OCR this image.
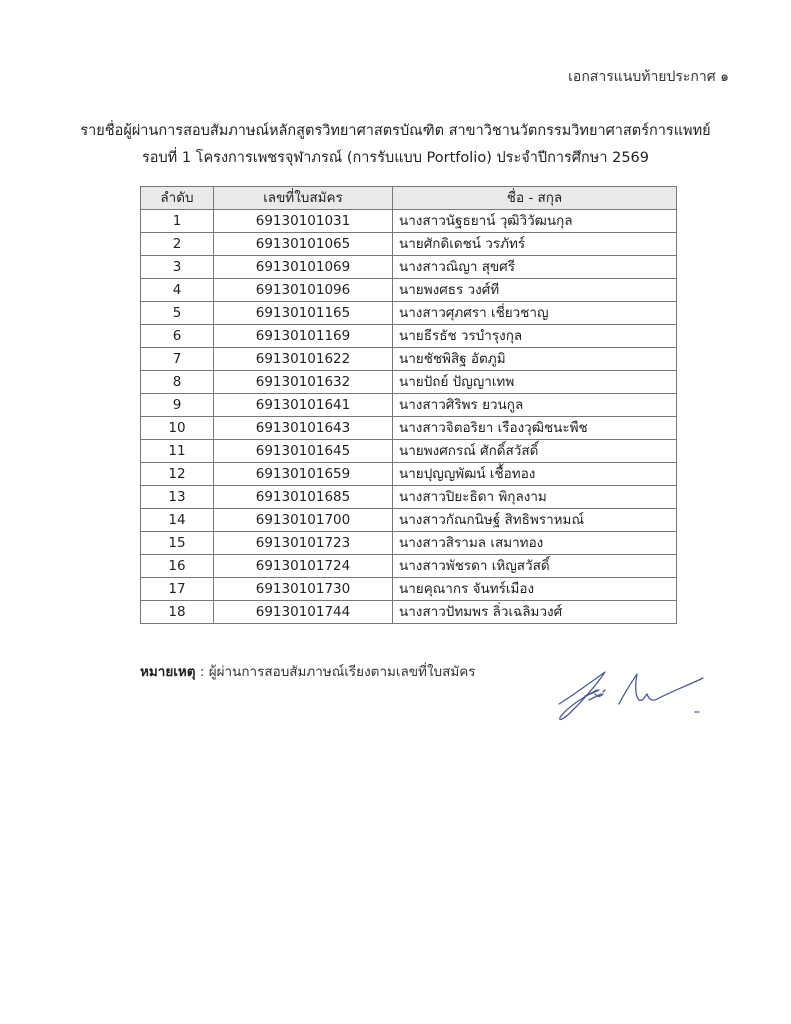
เอกสารแนบท้ายประกาศ ๑
รายชื่อผู้ผ่านการสอบสัมภาษณ์หลักสูตรวิทยาศาสตรบัณฑิต สาขาวิชานวัตกรรมวิทยาศาสตร์การแพทย์
รอบที่ 1 โครงการเพชรจุฬาภรณ์ (การรับแบบ Portfolio) ประจำปีการศึกษา 2569
ลำดับ	เลขที่ใบสมัคร	ชื่อ - สกุล
1	69130101031	นางสาวนัฐธยาน์ วุฒิวิวัฒนกุล
2	69130101065	นายศักดิเดชน์ วรภัทร์
3	69130101069	นางสาวณิญา สุขศรี
4	69130101096	นายพงศธร วงศ์ที
5	69130101165	นางสาวศุภศรา เชี่ยวชาญ
6	69130101169	นายธีรธัช วรบำรุงกุล
7	69130101622	นายชัชพิสิฐ อัตภูมิ
8	69130101632	นายปัถย์ ปัญญาเทพ
9	69130101641	นางสาวศิริพร ยวนกูล
10	69130101643	นางสาวจิตอริยา เรืองวุฒิชนะพืช
11	69130101645	นายพงศกรณ์ ศักดิ์สวัสดิ์
12	69130101659	นายปุญญพัฒน์ เชื้อทอง
13	69130101685	นางสาวปิยะธิดา พิกุลงาม
14	69130101700	นางสาวกัณกนิษฐ์ สิทธิพราหมณ์
15	69130101723	นางสาวสิรามล เสมาทอง
16	69130101724	นางสาวพัชรดา เหิญสวัสดิ์
17	69130101730	นายคุณากร จันทร์เมือง
18	69130101744	นางสาวปัทมพร ลิ่วเฉลิมวงศ์
หมายเหตุ : ผู้ผ่านการสอบสัมภาษณ์เรียงตามเลขที่ใบสมัคร
